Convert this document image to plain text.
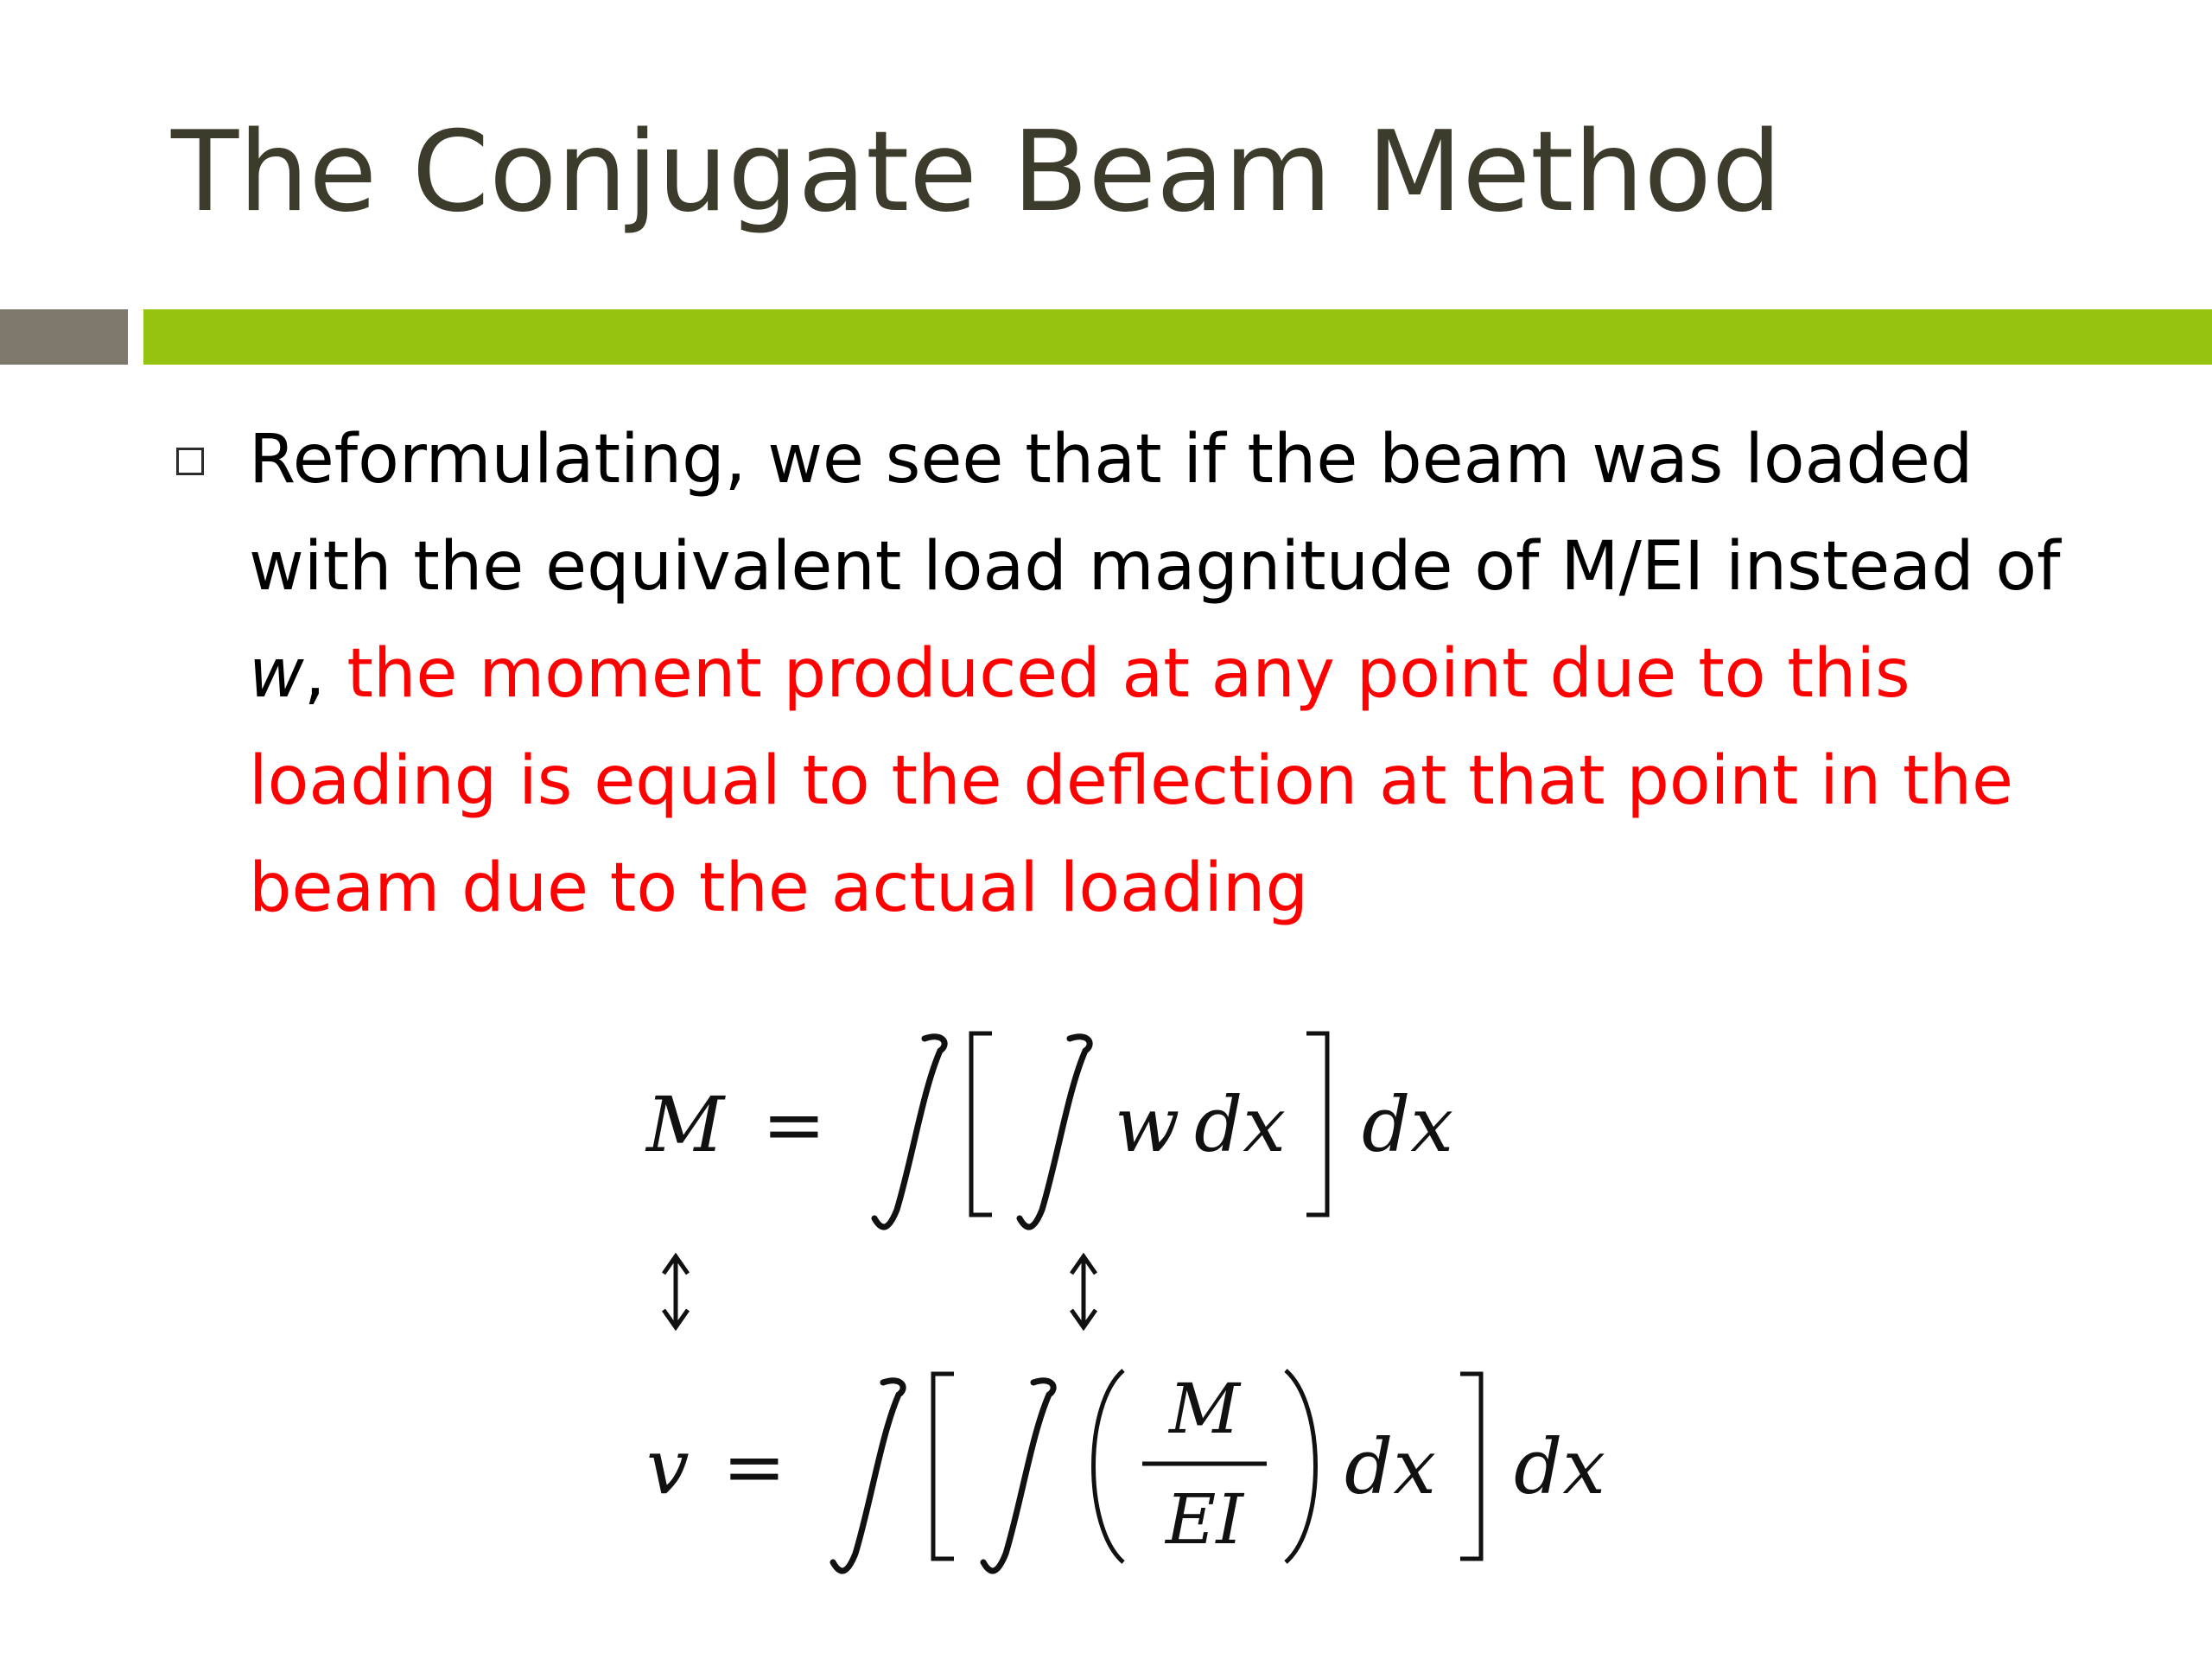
The Conjugate Beam Method

Reformulating, we see that if the beam was loaded with the equivalent load magnitude of M/EI instead of w, the moment produced at any point due to this loading is equal to the deflection at that point in the beam due to the actual loading

M =	w dx dx
v =
M
EI
dx dx
